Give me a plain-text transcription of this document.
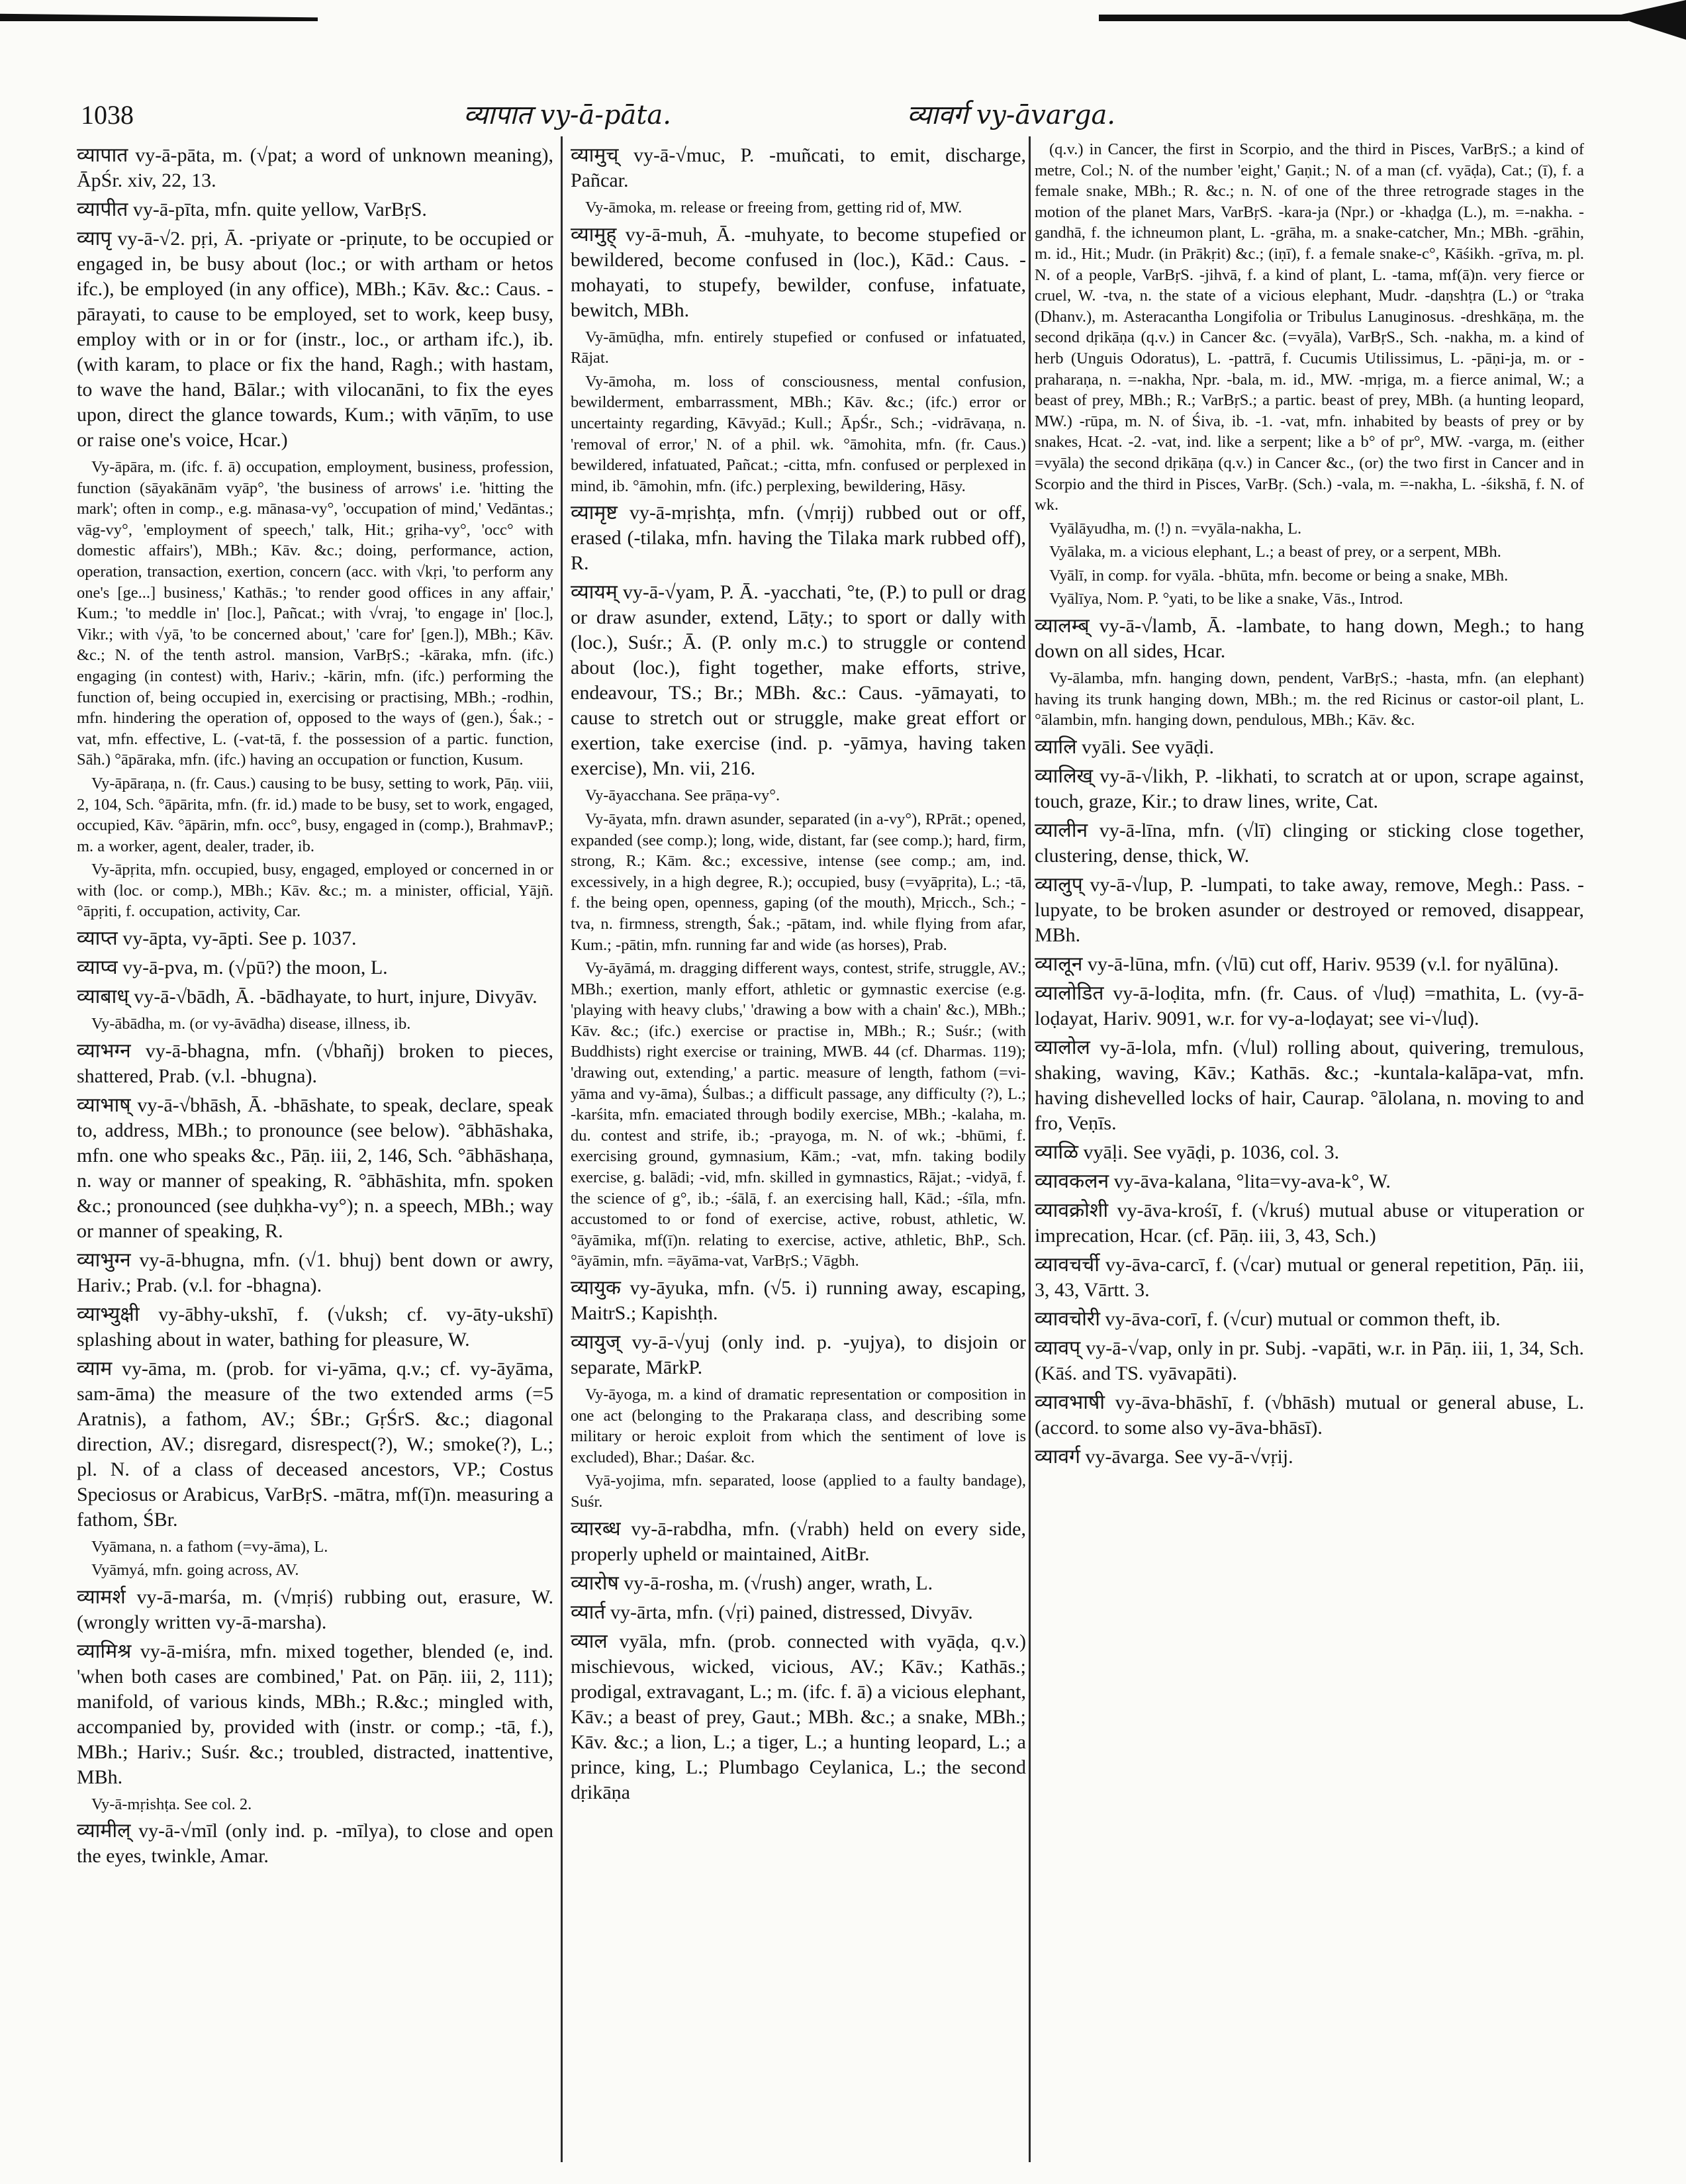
1038	व्यापात vy-ā-pāta.	व्यावर्ग vy-āvarga.

व्यापात vy-ā-pāta, m. (√pat; a word of unknown meaning), ĀpŚr. xiv, 22, 13.

व्यापीत vy-ā-pīta, mfn. quite yellow, VarBṛS.

व्यापृ vy-ā-√2. pṛi, Ā. -priyate or -priṇute, to be occupied or engaged in, be busy about (loc.; or with artham or hetos ifc.), be employed (in any office), MBh.; Kāv. &c.: Caus. -pārayati, to cause to be employed, set to work, keep busy, employ with or in or for (instr., loc., or artham ifc.), ib. (with karam, to place or fix the hand, Ragh.; with hastam, to wave the hand, Bālar.; with vilocanāni, to fix the eyes upon, direct the glance towards, Kum.; with vāṇīm, to use or raise one's voice, Hcar.)

Vy-āpāra, m. (ifc. f. ā) occupation, employment, business, profession, function (sāyakānām vyāp°, 'the business of arrows' i.e. 'hitting the mark'; often in comp., e.g. mānasa-vy°, 'occupation of mind,' Vedāntas.; vāg-vy°, 'employment of speech,' talk, Hit.; gṛiha-vy°, 'occ° with domestic affairs'), MBh.; Kāv. &c.; doing, performance, action, operation, transaction, exertion, concern (acc. with √kṛi, 'to perform any one's [ge...] business,' Kathās.; 'to render good offices in any affair,' Kum.; 'to meddle in' [loc.], Pañcat.; with √vraj, 'to engage in' [loc.], Vikr.; with √yā, 'to be concerned about,' 'care for' [gen.]), MBh.; Kāv. &c.; N. of the tenth astrol. mansion, VarBṛS.; -kāraka, mfn. (ifc.) engaging (in contest) with, Hariv.; -kārin, mfn. (ifc.) performing the function of, being occupied in, exercising or practising, MBh.; -rodhin, mfn. hindering the operation of, opposed to the ways of (gen.), Śak.; -vat, mfn. effective, L. (-vat-tā, f. the possession of a partic. function, Sāh.) °āpāraka, mfn. (ifc.) having an occupation or function, Kusum.

Vy-āpāraṇa, n. (fr. Caus.) causing to be busy, setting to work, Pāṇ. viii, 2, 104, Sch. °āpārita, mfn. (fr. id.) made to be busy, set to work, engaged, occupied, Kāv. °āpārin, mfn. occ°, busy, engaged in (comp.), BrahmavP.; m. a worker, agent, dealer, trader, ib.

Vy-āpṛita, mfn. occupied, busy, engaged, employed or concerned in or with (loc. or comp.), MBh.; Kāv. &c.; m. a minister, official, Yājñ. °āpṛiti, f. occupation, activity, Car.

व्याप्त vy-āpta, vy-āpti. See p. 1037.

व्याप्व vy-ā-pva, m. (√pū?) the moon, L.

व्याबाध् vy-ā-√bādh, Ā. -bādhayate, to hurt, injure, Divyāv.

Vy-ābādha, m. (or vy-āvādha) disease, illness, ib.

व्याभग्न vy-ā-bhagna, mfn. (√bhañj) broken to pieces, shattered, Prab. (v.l. -bhugna).

व्याभाष् vy-ā-√bhāsh, Ā. -bhāshate, to speak, declare, speak to, address, MBh.; to pronounce (see below). °ābhāshaka, mfn. one who speaks &c., Pāṇ. iii, 2, 146, Sch. °ābhāshaṇa, n. way or manner of speaking, R. °ābhāshita, mfn. spoken &c.; pronounced (see duḥkha-vy°); n. a speech, MBh.; way or manner of speaking, R.

व्याभुग्न vy-ā-bhugna, mfn. (√1. bhuj) bent down or awry, Hariv.; Prab. (v.l. for -bhagna).

व्याभ्युक्षी vy-ābhy-ukshī, f. (√uksh; cf. vy-āty-ukshī) splashing about in water, bathing for pleasure, W.

व्याम vy-āma, m. (prob. for vi-yāma, q.v.; cf. vy-āyāma, sam-āma) the measure of the two extended arms (=5 Aratnis), a fathom, AV.; ŚBr.; GṛŚrS. &c.; diagonal direction, AV.; disregard, disrespect(?), W.; smoke(?), L.; pl. N. of a class of deceased ancestors, VP.; Costus Speciosus or Arabicus, VarBṛS. -mātra, mf(ī)n. measuring a fathom, ŚBr.

Vyāmana, n. a fathom (=vy-āma), L.

Vyāmyá, mfn. going across, AV.

व्यामर्श vy-ā-marśa, m. (√mṛiś) rubbing out, erasure, W. (wrongly written vy-ā-marsha).

व्यामिश्र vy-ā-miśra, mfn. mixed together, blended (e, ind. 'when both cases are combined,' Pat. on Pāṇ. iii, 2, 111); manifold, of various kinds, MBh.; R.&c.; mingled with, accompanied by, provided with (instr. or comp.; -tā, f.), MBh.; Hariv.; Suśr. &c.; troubled, distracted, inattentive, MBh.

Vy-ā-mṛishṭa. See col. 2.

व्यामील् vy-ā-√mīl (only ind. p. -mīlya), to close and open the eyes, twinkle, Amar.

व्यामुच् vy-ā-√muc, P. -muñcati, to emit, discharge, Pañcar.

Vy-āmoka, m. release or freeing from, getting rid of, MW.

व्यामुह् vy-ā-muh, Ā. -muhyate, to become stupefied or bewildered, become confused in (loc.), Kād.: Caus. -mohayati, to stupefy, bewilder, confuse, infatuate, bewitch, MBh.

Vy-āmūḍha, mfn. entirely stupefied or confused or infatuated, Rājat.

Vy-āmoha, m. loss of consciousness, mental confusion, bewilderment, embarrassment, MBh.; Kāv. &c.; (ifc.) error or uncertainty regarding, Kāvyād.; Kull.; ĀpŚr., Sch.; -vidrāvaṇa, n. 'removal of error,' N. of a phil. wk. °āmohita, mfn. (fr. Caus.) bewildered, infatuated, Pañcat.; -citta, mfn. confused or perplexed in mind, ib. °āmohin, mfn. (ifc.) perplexing, bewildering, Hāsy.

व्यामृष्ट vy-ā-mṛishṭa, mfn. (√mṛij) rubbed out or off, erased (-tilaka, mfn. having the Tilaka mark rubbed off), R.

व्यायम् vy-ā-√yam, P. Ā. -yacchati, °te, (P.) to pull or drag or draw asunder, extend, Lāṭy.; to sport or dally with (loc.), Suśr.; Ā. (P. only m.c.) to struggle or contend about (loc.), fight together, make efforts, strive, endeavour, TS.; Br.; MBh. &c.: Caus. -yāmayati, to cause to stretch out or struggle, make great effort or exertion, take exercise (ind. p. -yāmya, having taken exercise), Mn. vii, 216.

Vy-āyacchana. See prāṇa-vy°.

Vy-āyata, mfn. drawn asunder, separated (in a-vy°), RPrāt.; opened, expanded (see comp.); long, wide, distant, far (see comp.); hard, firm, strong, R.; Kām. &c.; excessive, intense (see comp.; am, ind. excessively, in a high degree, R.); occupied, busy (=vyāpṛita), L.; -tā, f. the being open, openness, gaping (of the mouth), Mṛicch., Sch.; -tva, n. firmness, strength, Śak.; -pātam, ind. while flying from afar, Kum.; -pātin, mfn. running far and wide (as horses), Prab.

Vy-āyāmá, m. dragging different ways, contest, strife, struggle, AV.; MBh.; exertion, manly effort, athletic or gymnastic exercise (e.g. 'playing with heavy clubs,' 'drawing a bow with a chain' &c.), MBh.; Kāv. &c.; (ifc.) exercise or practise in, MBh.; R.; Suśr.; (with Buddhists) right exercise or training, MWB. 44 (cf. Dharmas. 119); 'drawing out, extending,' a partic. measure of length, fathom (=vi-yāma and vy-āma), Śulbas.; a difficult passage, any difficulty (?), L.; -karśita, mfn. emaciated through bodily exercise, MBh.; -kalaha, m. du. contest and strife, ib.; -prayoga, m. N. of wk.; -bhūmi, f. exercising ground, gymnasium, Kām.; -vat, mfn. taking bodily exercise, g. balādi; -vid, mfn. skilled in gymnastics, Rājat.; -vidyā, f. the science of g°, ib.; -śālā, f. an exercising hall, Kād.; -śīla, mfn. accustomed to or fond of exercise, active, robust, athletic, W. °āyāmika, mf(ī)n. relating to exercise, active, athletic, BhP., Sch. °āyāmin, mfn. =āyāma-vat, VarBṛS.; Vāgbh.

व्यायुक vy-āyuka, mfn. (√5. i) running away, escaping, MaitrS.; Kapishṭh.

व्यायुज् vy-ā-√yuj (only ind. p. -yujya), to disjoin or separate, MārkP.

Vy-āyoga, m. a kind of dramatic representation or composition in one act (belonging to the Prakaraṇa class, and describing some military or heroic exploit from which the sentiment of love is excluded), Bhar.; Daśar. &c.

Vyā-yojima, mfn. separated, loose (applied to a faulty bandage), Suśr.

व्यारब्ध vy-ā-rabdha, mfn. (√rabh) held on every side, properly upheld or maintained, AitBr.

व्यारोष vy-ā-rosha, m. (√rush) anger, wrath, L.

व्यार्त vy-ārta, mfn. (√ṛi) pained, distressed, Divyāv.

व्याल vyāla, mfn. (prob. connected with vyāḍa, q.v.) mischievous, wicked, vicious, AV.; Kāv.; Kathās.; prodigal, extravagant, L.; m. (ifc. f. ā) a vicious elephant, Kāv.; a beast of prey, Gaut.; MBh. &c.; a snake, MBh.; Kāv. &c.; a lion, L.; a tiger, L.; a hunting leopard, L.; a prince, king, L.; Plumbago Ceylanica, L.; the second dṛikāṇa

(q.v.) in Cancer, the first in Scorpio, and the third in Pisces, VarBṛS.; a kind of metre, Col.; N. of the number 'eight,' Gaṇit.; N. of a man (cf. vyāḍa), Cat.; (ī), f. a female snake, MBh.; R. &c.; n. N. of one of the three retrograde stages in the motion of the planet Mars, VarBṛS. -kara-ja (Npr.) or -khaḍga (L.), m. =-nakha. -gandhā, f. the ichneumon plant, L. -grāha, m. a snake-catcher, Mn.; MBh. -grāhin, m. id., Hit.; Mudr. (in Prākṛit) &c.; (iṇī), f. a female snake-c°, Kāśikh. -grīva, m. pl. N. of a people, VarBṛS. -jihvā, f. a kind of plant, L. -tama, mf(ā)n. very fierce or cruel, W. -tva, n. the state of a vicious elephant, Mudr. -daṇshṭra (L.) or °traka (Dhanv.), m. Asteracantha Longifolia or Tribulus Lanuginosus. -dreshkāṇa, m. the second dṛikāṇa (q.v.) in Cancer &c. (=vyāla), VarBṛS., Sch. -nakha, m. a kind of herb (Unguis Odoratus), L. -pattrā, f. Cucumis Utilissimus, L. -pāṇi-ja, m. or -praharaṇa, n. =-nakha, Npr. -bala, m. id., MW. -mṛiga, m. a fierce animal, W.; a beast of prey, MBh.; R.; VarBṛS.; a partic. beast of prey, MBh. (a hunting leopard, MW.) -rūpa, m. N. of Śiva, ib. -1. -vat, mfn. inhabited by beasts of prey or by snakes, Hcat. -2. -vat, ind. like a serpent; like a b° of pr°, MW. -varga, m. (either =vyāla) the second dṛikāṇa (q.v.) in Cancer &c., (or) the two first in Cancer and in Scorpio and the third in Pisces, VarBṛ. (Sch.) -vala, m. =-nakha, L. -śikshā, f. N. of wk.

Vyālāyudha, m. (!) n. =vyāla-nakha, L.

Vyālaka, m. a vicious elephant, L.; a beast of prey, or a serpent, MBh.

Vyālī, in comp. for vyāla. -bhūta, mfn. become or being a snake, MBh.

Vyālīya, Nom. P. °yati, to be like a snake, Vās., Introd.

व्यालम्ब् vy-ā-√lamb, Ā. -lambate, to hang down, Megh.; to hang down on all sides, Hcar.

Vy-ālamba, mfn. hanging down, pendent, VarBṛS.; -hasta, mfn. (an elephant) having its trunk hanging down, MBh.; m. the red Ricinus or castor-oil plant, L. °ālambin, mfn. hanging down, pendulous, MBh.; Kāv. &c.

व्यालि vyāli. See vyāḍi.

व्यालिख् vy-ā-√likh, P. -likhati, to scratch at or upon, scrape against, touch, graze, Kir.; to draw lines, write, Cat.

व्यालीन vy-ā-līna, mfn. (√lī) clinging or sticking close together, clustering, dense, thick, W.

व्यालुप् vy-ā-√lup, P. -lumpati, to take away, remove, Megh.: Pass. -lupyate, to be broken asunder or destroyed or removed, disappear, MBh.

व्यालून vy-ā-lūna, mfn. (√lū) cut off, Hariv. 9539 (v.l. for nyālūna).

व्यालोडित vy-ā-loḍita, mfn. (fr. Caus. of √luḍ) =mathita, L. (vy-ā-loḍayat, Hariv. 9091, w.r. for vy-a-loḍayat; see vi-√luḍ).

व्यालोल vy-ā-lola, mfn. (√lul) rolling about, quivering, tremulous, shaking, waving, Kāv.; Kathās. &c.; -kuntala-kalāpa-vat, mfn. having dishevelled locks of hair, Caurap. °ālolana, n. moving to and fro, Veṇīs.

व्याळि vyāḷi. See vyāḍi, p. 1036, col. 3.

व्यावकलन vy-āva-kalana, °lita=vy-ava-k°, W.

व्यावक्रोशी vy-āva-krośī, f. (√kruś) mutual abuse or vituperation or imprecation, Hcar. (cf. Pāṇ. iii, 3, 43, Sch.)

व्यावचर्ची vy-āva-carcī, f. (√car) mutual or general repetition, Pāṇ. iii, 3, 43, Vārtt. 3.

व्यावचोरी vy-āva-corī, f. (√cur) mutual or common theft, ib.

व्यावप् vy-ā-√vap, only in pr. Subj. -vapāti, w.r. in Pāṇ. iii, 1, 34, Sch. (Kāś. and TS. vyāvapāti).

व्यावभाषी vy-āva-bhāshī, f. (√bhāsh) mutual or general abuse, L. (accord. to some also vy-āva-bhāsī).

व्यावर्ग vy-āvarga. See vy-ā-√vṛij.
